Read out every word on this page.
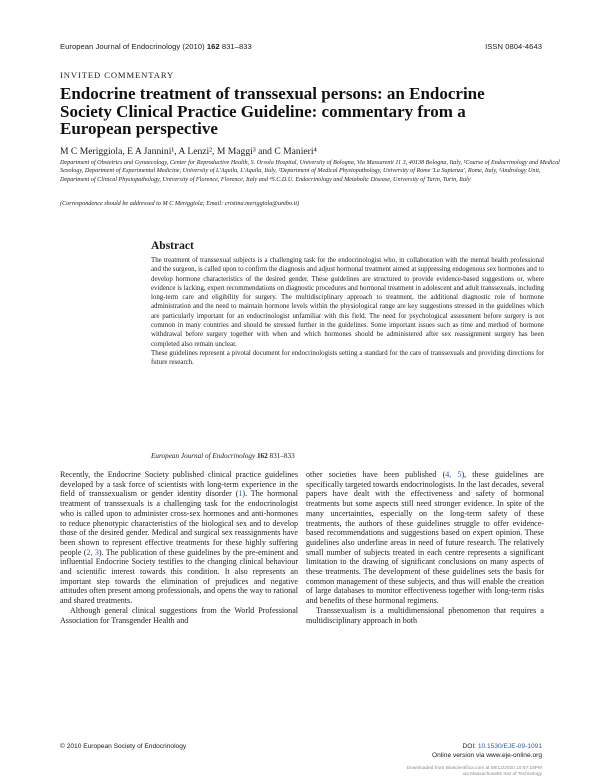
European Journal of Endocrinology (2010) 162 831–833	ISSN 0804-4643
INVITED COMMENTARY
Endocrine treatment of transsexual persons: an Endocrine Society Clinical Practice Guideline: commentary from a European perspective
M C Meriggiola, E A Jannini¹, A Lenzi², M Maggi³ and C Manieri⁴
Department of Obstetrics and Gynaecology, Center for Reproductive Health, S. Orsola Hospital, University of Bologna, Via Massarenti 11 3, 40138 Bologna, Italy, ¹Course of Endocrinology and Medical Sexology, Department of Experimental Medicine, University of L'Aquila, L'Aquila, Italy, ²Department of Medical Physiopathology, University of Rome 'La Sapienza', Rome, Italy, ³Andrology Unit, Department of Clinical Physiopathology, University of Florence, Florence, Italy and ⁴S.C.D.U. Endocrinology and Metabolic Disease, University of Turin, Turin, Italy
(Correspondence should be addressed to M C Meriggiola; Email: cristina.meriggiola@unibo.it)
Abstract

The treatment of transsexual subjects is a challenging task for the endocrinologist who, in collaboration with the mental health professional and the surgeon, is called upon to confirm the diagnosis and adjust hormonal treatment aimed at suppressing endogenous sex hormones and to develop hormone characteristics of the desired gender. These guidelines are structured to provide evidence-based suggestions or, where evidence is lacking, expert recommendations on diagnostic procedures and hormonal treatment in adolescent and adult transsexuals, including long-term care and eligibility for surgery. The multidisciplinary approach to treatment, the additional diagnostic role of hormone administration and the need to maintain hormone levels within the physiological range are key suggestions stressed in the guidelines which are particularly important for an endocrinologist unfamiliar with this field. The need for psychological assessment before surgery is not common in many countries and should be stressed further in the guidelines. Some important issues such as time and method of hormone withdrawal before surgery together with when and which hormones should be administered after sex reassignment surgery has been completed also remain unclear.

These guidelines represent a pivotal document for endocrinologists setting a standard for the care of transsexuals and providing directions for future research.

European Journal of Endocrinology 162 831–833

Recently, the Endocrine Society published clinical practice guidelines developed by a task force of scientists with long-term experience in the field of transsexualism or gender identity disorder (1). The hormonal treatment of transsexuals is a challenging task for the endocrinologist who is called upon to administer cross-sex hormones and anti-hormones to reduce phenotypic characteristics of the biological sex and to develop those of the desired gender. Medical and surgical sex reassignments have been shown to represent effective treatments for these highly suffering people (2, 3). The publication of these guidelines by the pre-eminent and influential Endocrine Society testifies to the changing clinical behaviour and scientific interest towards this condition. It also represents an important step towards the elimination of prejudices and negative attitudes often present among professionals, and opens the way to rational and shared treatments.

Although general clinical suggestions from the World Professional Association for Transgender Health and

other societies have been published (4, 5), these guidelines are specifically targeted towards endocrinologists. In the last decades, several papers have dealt with the effectiveness and safety of hormonal treatments but some aspects still need stronger evidence. In spite of the many uncertainties, especially on the long-term safety of these treatments, the authors of these guidelines struggle to offer evidence-based recommendations and suggestions based on expert opinion. These guidelines also underline areas in need of future research. The relatively small number of subjects treated in each centre represents a significant limitation to the drawing of significant conclusions on many aspects of these treatments. The development of these guidelines sets the basis for common management of these subjects, and thus will enable the creation of large databases to monitor effectiveness together with long-term risks and benefits of these hormonal regimens.

Transsexualism is a multidimensional phenomenon that requires a multidisciplinary approach in both

© 2010 European Society of Endocrinology	DOI: 10.1530/EJE-09-1091
Online version via www.eje-online.org
Downloaded from Bioscientifica.com at 08/12/2020 10:57:18PM
via Massachusetts Inst of Technology
